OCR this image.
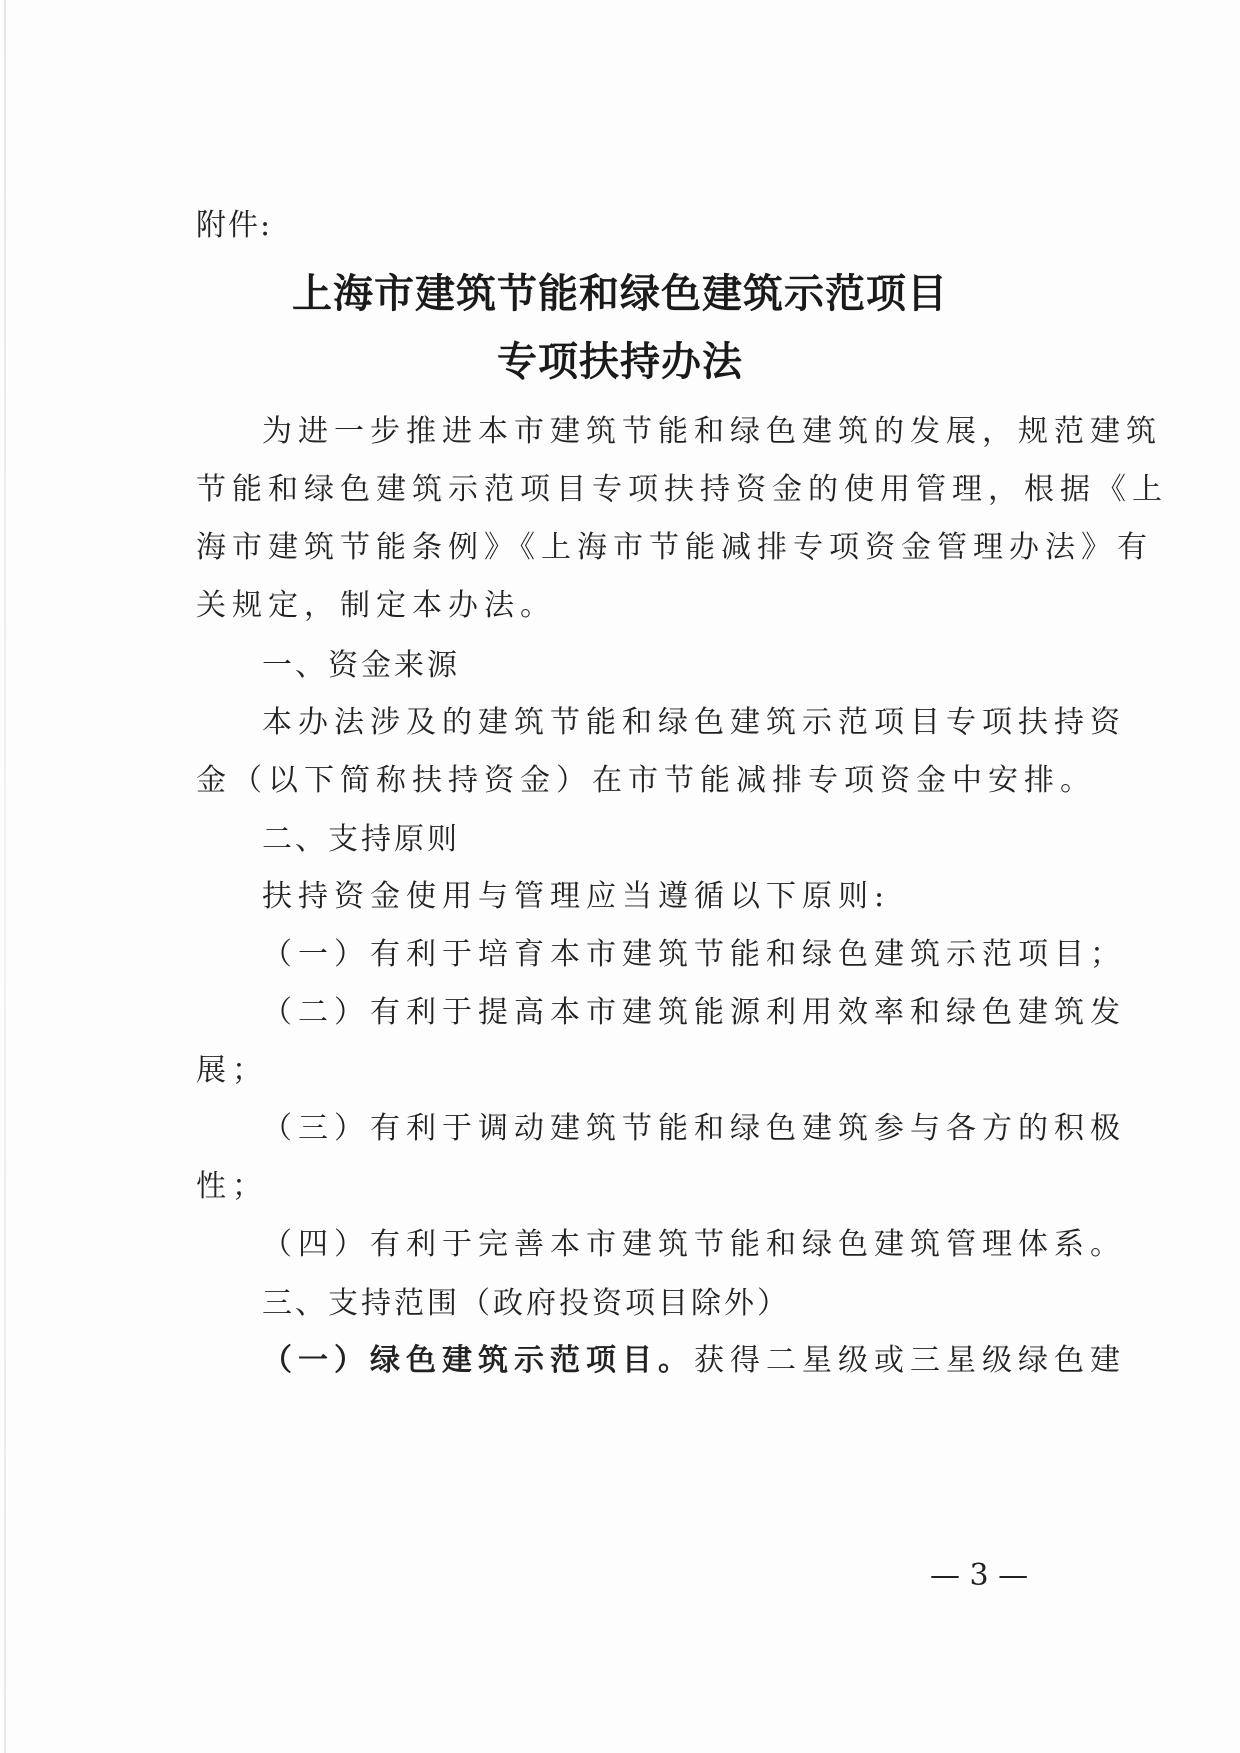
附件:
上海市建筑节能和绿色建筑示范项目
专项扶持办法
为进一步推进本市建筑节能和绿色建筑的发展，规范建筑
节能和绿色建筑示范项目专项扶持资金的使用管理，根据《上
海市建筑节能条例》《上海市节能减排专项资金管理办法》有
关规定，制定本办法。
一、资金来源
本办法涉及的建筑节能和绿色建筑示范项目专项扶持资
金（以下简称扶持资金）在市节能减排专项资金中安排。
二、支持原则
扶持资金使用与管理应当遵循以下原则:
（一）有利于培育本市建筑节能和绿色建筑示范项目；
（二）有利于提高本市建筑能源利用效率和绿色建筑发
展；
（三）有利于调动建筑节能和绿色建筑参与各方的积极
性；
（四）有利于完善本市建筑节能和绿色建筑管理体系。
三、支持范围（政府投资项目除外）
（一）绿色建筑示范项目。获得二星级或三星级绿色建
— 3 —
